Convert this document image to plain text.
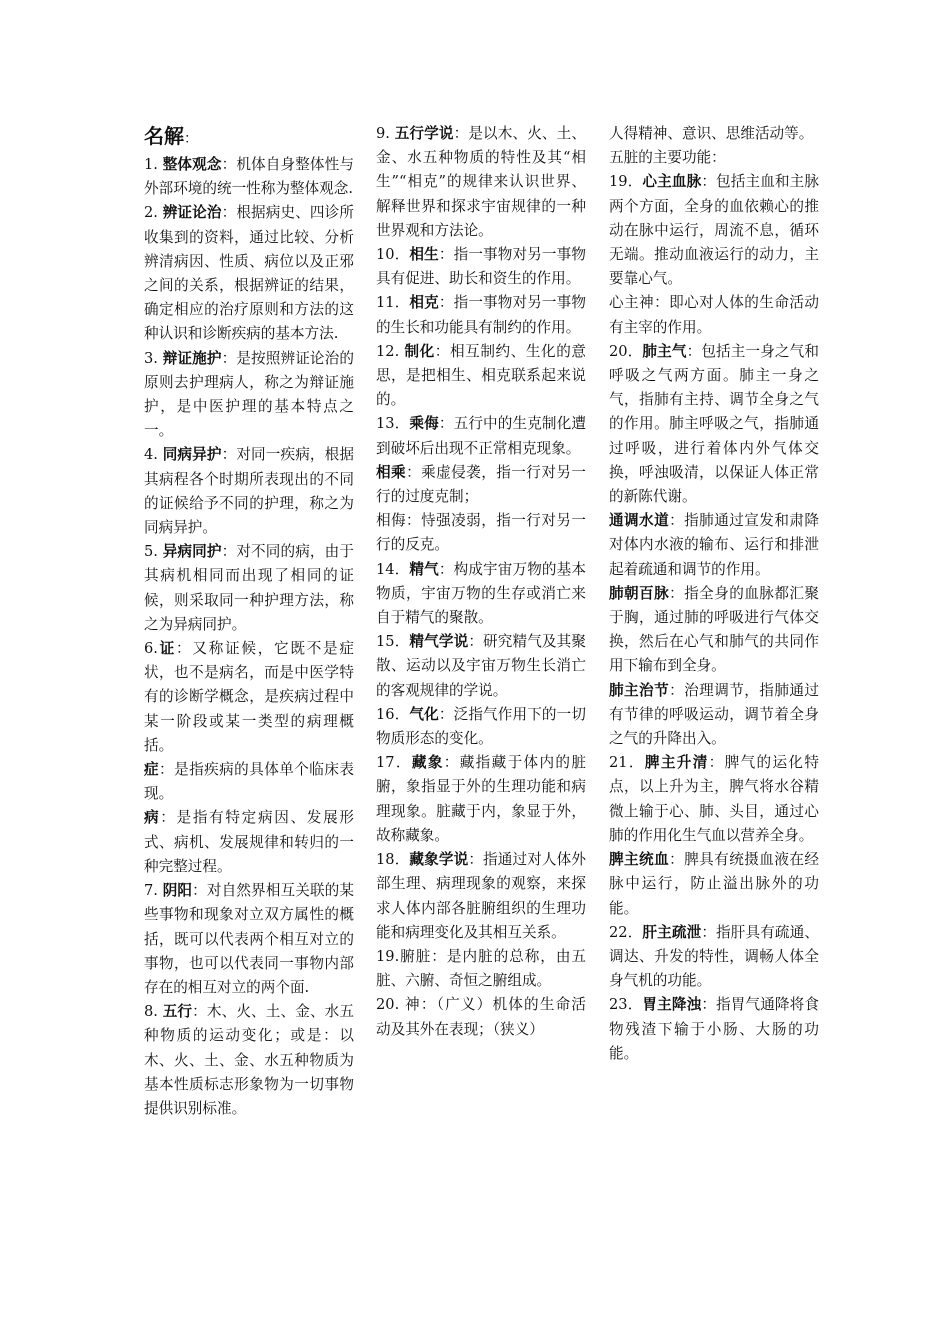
名解：

1. 整体观念：机体自身整体性与外部环境的统一性称为整体观念.

2. 辨证论治：根据病史、四诊所收集到的资料，通过比较、分析辨清病因、性质、病位以及正邪之间的关系，根据辨证的结果，确定相应的治疗原则和方法的这种认识和诊断疾病的基本方法.

3. 辩证施护：是按照辨证论治的原则去护理病人，称之为辩证施护，是中医护理的基本特点之一。

4. 同病异护：对同一疾病，根据其病程各个时期所表现出的不同的证候给予不同的护理，称之为同病异护。

5. 异病同护：对不同的病，由于其病机相同而出现了相同的证候，则采取同一种护理方法，称之为异病同护。

6.证：又称证候，它既不是症状，也不是病名，而是中医学特有的诊断学概念，是疾病过程中某一阶段或某一类型的病理概括。

症：是指疾病的具体单个临床表现。

病：是指有特定病因、发展形式、病机、发展规律和转归的一种完整过程。

7. 阴阳：对自然界相互关联的某些事物和现象对立双方属性的概括，既可以代表两个相互对立的事物，也可以代表同一事物内部存在的相互对立的两个面.

8. 五行：木、火、土、金、水五种物质的运动变化；或是：以木、火、土、金、水五种物质为基本性质标志形象物为一切事物提供识别标准。

9. 五行学说：是以木、火、土、金、水五种物质的特性及其“相生”“相克”的规律来认识世界、解释世界和探求宇宙规律的一种世界观和方法论。

10．相生：指一事物对另一事物具有促进、助长和资生的作用。

11．相克：指一事物对另一事物的生长和功能具有制约的作用。

12. 制化：相互制约、生化的意思，是把相生、相克联系起来说的。

13．乘侮：五行中的生克制化遭到破坏后出现不正常相克现象。

相乘：乘虚侵袭，指一行对另一行的过度克制；

相侮：恃强凌弱，指一行对另一行的反克。

14．精气：构成宇宙万物的基本物质，宇宙万物的生存或消亡来自于精气的聚散。

15．精气学说：研究精气及其聚散、运动以及宇宙万物生长消亡的客观规律的学说。

16．气化：泛指气作用下的一切物质形态的变化。

17．藏象：藏指藏于体内的脏腑，象指显于外的生理功能和病理现象。脏藏于内，象显于外，故称藏象。

18．藏象学说：指通过对人体外部生理、病理现象的观察，来探求人体内部各脏腑组织的生理功能和病理变化及其相互关系。

19.腑脏：是内脏的总称，由五脏、六腑、奇恒之腑组成。

20. 神：（广义）机体的生命活动及其外在表现；（狭义）

人得精神、意识、思维活动等。

五脏的主要功能：

19．心主血脉：包括主血和主脉两个方面，全身的血依赖心的推动在脉中运行，周流不息，循环无端。推动血液运行的动力，主要靠心气。

心主神：即心对人体的生命活动有主宰的作用。

20．肺主气：包括主一身之气和呼吸之气两方面。肺主一身之气，指肺有主持、调节全身之气的作用。肺主呼吸之气，指肺通过呼吸，进行着体内外气体交换，呼浊吸清，以保证人体正常的新陈代谢。

通调水道：指肺通过宣发和肃降对体内水液的输布、运行和排泄起着疏通和调节的作用。

肺朝百脉：指全身的血脉都汇聚于胸，通过肺的呼吸进行气体交换，然后在心气和肺气的共同作用下输布到全身。

肺主治节：治理调节，指肺通过有节律的呼吸运动，调节着全身之气的升降出入。

21．脾主升清：脾气的运化特点，以上升为主，脾气将水谷精微上输于心、肺、头目，通过心肺的作用化生气血以营养全身。

脾主统血：脾具有统摄血液在经脉中运行，防止溢出脉外的功能。

22．肝主疏泄：指肝具有疏通、调达、升发的特性，调畅人体全身气机的功能。

23．胃主降浊：指胃气通降将食物残渣下输于小肠、大肠的功能。
